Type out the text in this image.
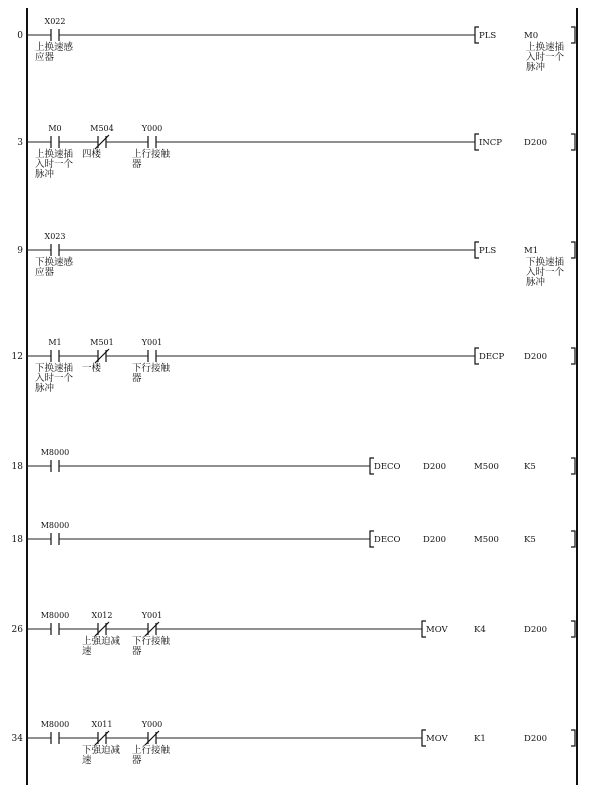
0
X022
上换速感
应器
PLS	M0
上换速插
入时一个
脉冲
3
M0
上换速插
入时一个
脉冲
M504
四楼
Y000
上行接触
器
INCP	D200
9
X023
下换速感
应器
PLS	M1
下换速插
入时一个
脉冲
12
M1
下换速插
入时一个
脉冲
M501
一楼
Y001
下行接触
器
DECP D200
18
M8000
DECO	D200	M500	K5
18
M8000
DECO	D200	M500	K5
26
M8000	X012
上强迫减
速
Y001
下行接触
器
MOV	K4	D200
34
M8000	X011
下强迫减
速
Y000
上行接触
器
MOV	K1	D200
